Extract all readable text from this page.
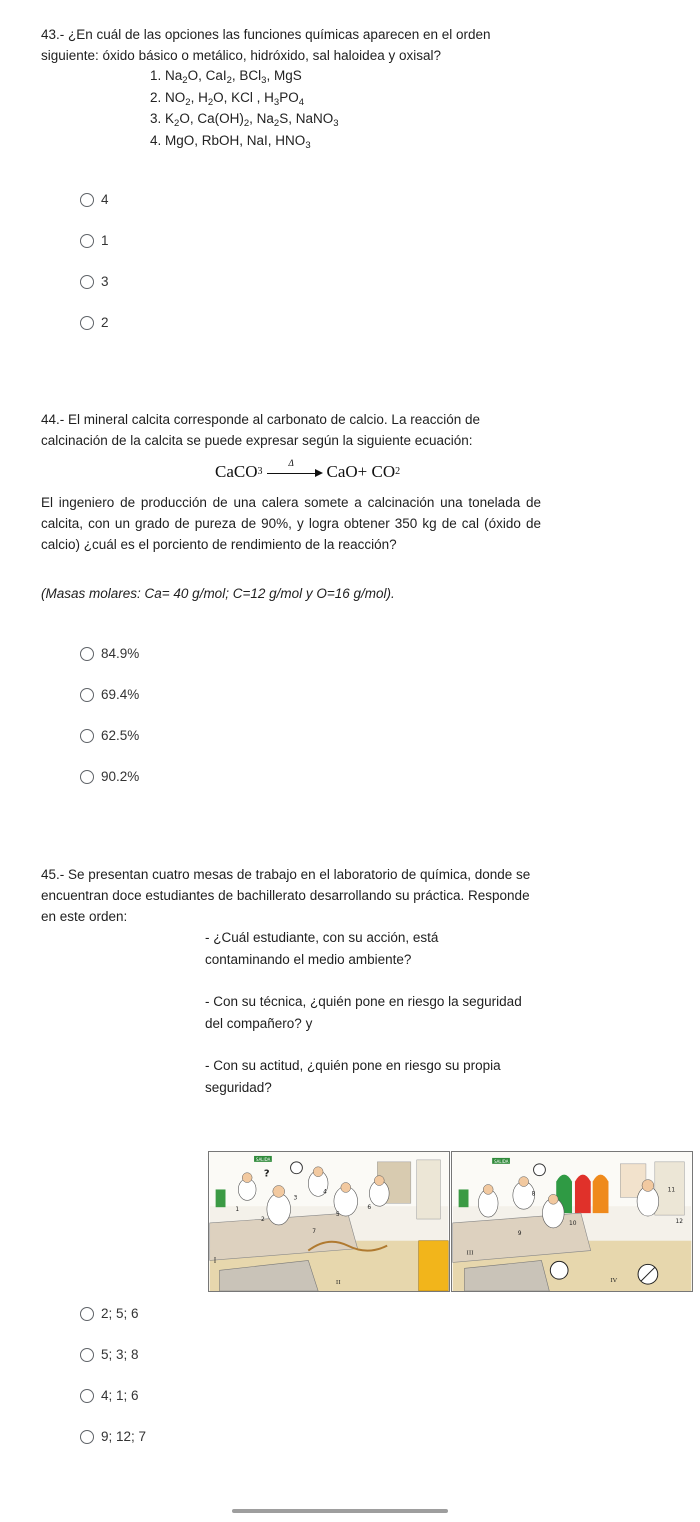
43.- ¿En cuál de las opciones las funciones químicas aparecen en el orden siguiente: óxido básico o metálico, hidróxido, sal haloidea y oxisal?

1. $Na_2O$, CaI$_2$, BCl$_3$, MgS
2. $NO_2$, $H_2O$, KCl , $H_3PO_4$
3. $K_2O$, $Ca(OH)_2$, $Na_2S$, NaNO$_3$
4. MgO, RbOH, NaI, $HNO_3$
4
1
3
2

44.- El mineral calcita corresponde al carbonato de calcio. La reacción de calcinación de la calcita se puede expresar según la siguiente ecuación:

CaCO 3
Δ CaO+ CO 2

El ingeniero de producción de una calera somete a calcinación una tonelada de calcita, con un grado de pureza de 90%, y logra obtener 350 kg de cal (óxido de calcio) ¿cuál es el porciento de rendimiento de la reacción?

(Masas molares: Ca= 40 g/mol; C=12 g/mol y O=16 g/mol).
84.9%
69.4%
62.5%
90.2%

45.- Se presentan cuatro mesas de trabajo en el laboratorio de química, donde se encuentran doce estudiantes de bachillerato desarrollando su práctica. Responde en este orden:

- ¿Cuál estudiante, con su acción, está contaminando el medio ambiente?

- Con su técnica, ¿quién pone en riesgo la seguridad del compañero? y

- Con su actitud, ¿quién pone en riesgo su propia seguridad?

SALIDA
?
I
II
1
2
3
4
5
6
7
SALIDA
III
IV
8
9
10
11
12
2; 5; 6
5; 3; 8
4; 1; 6
9; 12; 7
